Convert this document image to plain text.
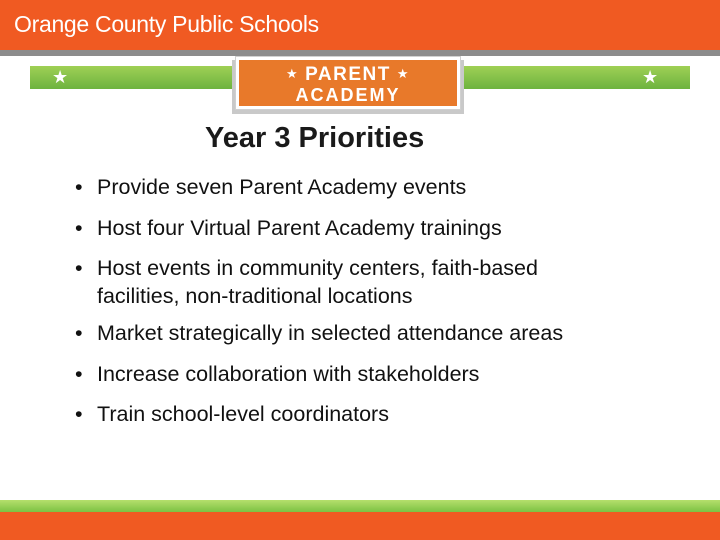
Orange County Public Schools
★	★
★ PARENT ★
ACADEMY
Year 3 Priorities
• Provide seven Parent Academy events
• Host four Virtual Parent Academy trainings
• Host events in community centers, faith-based
facilities, non-traditional locations
• Market strategically in selected attendance areas
• Increase collaboration with stakeholders
• Train school-level coordinators
